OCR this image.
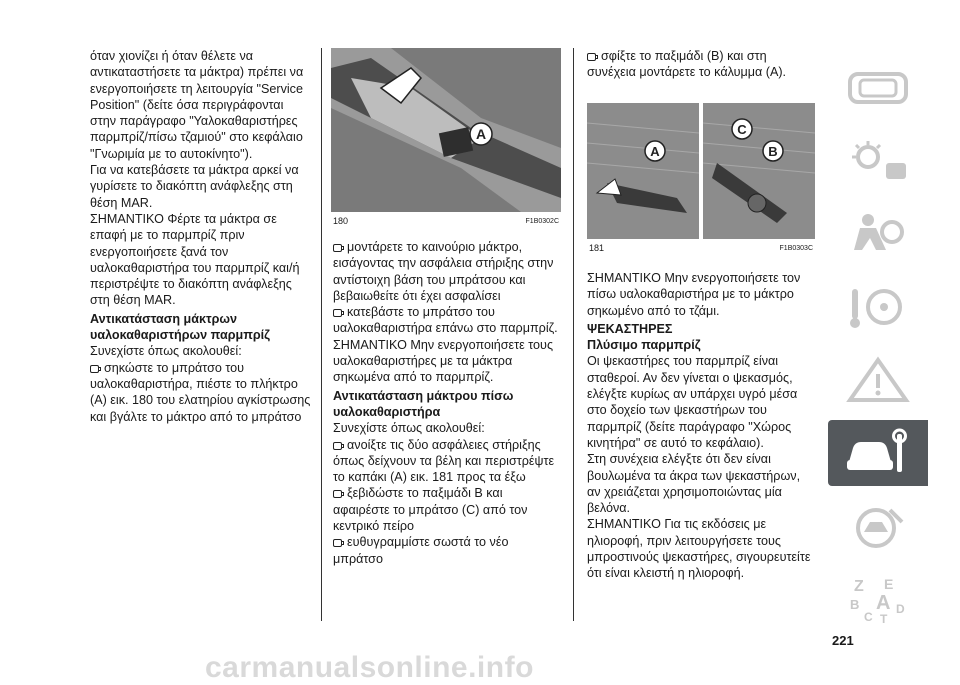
όταν χιονίζει ή όταν θέλετε να αντικαταστήσετε τα μάκτρα) πρέπει να ενεργοποιήσετε τη λειτουργία "Service Position" (δείτε όσα περιγράφονται στην παράγραφο "Υαλοκαθαριστήρες παρμπρίζ/πίσω τζαμιού" στο κεφάλαιο "Γνωριμία με το αυτοκίνητο").

Για να κατεβάσετε τα μάκτρα αρκεί να γυρίσετε το διακόπτη ανάφλεξης στη θέση MAR.

ΣΗΜΑΝΤΙΚΟ Φέρτε τα μάκτρα σε επαφή με το παρμπρίζ πριν ενεργοποιήσετε ξανά τον υαλοκαθαριστήρα του παρμπρίζ και/ή περιστρέψτε το διακόπτη ανάφλεξης στη θέση MAR.

Αντικατάσταση μάκτρων υαλοκαθαριστήρων παρμπρίζ

Συνεχίστε όπως ακολουθεί:

σηκώστε το μπράτσο του υαλοκαθαριστήρα, πιέστε το πλήκτρο (A) εικ. 180 του ελατηρίου αγκίστρωσης και βγάλτε το μάκτρο από το μπράτσο

A
180	F1B0302C

μοντάρετε το καινούριο μάκτρο, εισάγοντας την ασφάλεια στήριξης στην αντίστοιχη βάση του μπράτσου και βεβαιωθείτε ότι έχει ασφαλίσει

κατεβάστε το μπράτσο του υαλοκαθαριστήρα επάνω στο παρμπρίζ.

ΣΗΜΑΝΤΙΚΟ Μην ενεργοποιήσετε τους υαλοκαθαριστήρες με τα μάκτρα σηκωμένα από το παρμπρίζ.

Αντικατάσταση μάκτρου πίσω υαλοκαθαριστήρα

Συνεχίστε όπως ακολουθεί:

ανοίξτε τις δύο ασφάλειες στήριξης όπως δείχνουν τα βέλη και περιστρέψτε το καπάκι (A) εικ. 181 προς τα έξω

ξεβιδώστε το παξιμάδι B και αφαιρέστε το μπράτσο (C) από τον κεντρικό πείρο

ευθυγραμμίστε σωστά το νέο μπράτσο

σφίξτε το παξιμάδι (B) και στη συνέχεια μοντάρετε το κάλυμμα (A).

A
C
B
181	F1B0303C

ΣΗΜΑΝΤΙΚΟ Μην ενεργοποιήσετε τον πίσω υαλοκαθαριστήρα με το μάκτρο σηκωμένο από το τζάμι.

ΨΕΚΑΣΤΗΡΕΣ

Πλύσιμο παρμπρίζ

Οι ψεκαστήρες του παρμπρίζ είναι σταθεροί. Αν δεν γίνεται ο ψεκασμός, ελέγξτε κυρίως αν υπάρχει υγρό μέσα στο δοχείο των ψεκαστήρων του παρμπρίζ (δείτε παράγραφο "Χώρος κινητήρα" σε αυτό το κεφάλαιο).

Στη συνέχεια ελέγξτε ότι δεν είναι βουλωμένα τα άκρα των ψεκαστήρων, αν χρειάζεται χρησιμοποιώντας μία βελόνα.

ΣΗΜΑΝΤΙΚΟ Για τις εκδόσεις με ηλιοροφή, πριν λειτουργήσετε τους μπροστινούς ψεκαστήρες, σιγουρευτείτε ότι είναι κλειστή η ηλιοροφή.

Z E
B A D
C T
221
carmanualsonline.info
